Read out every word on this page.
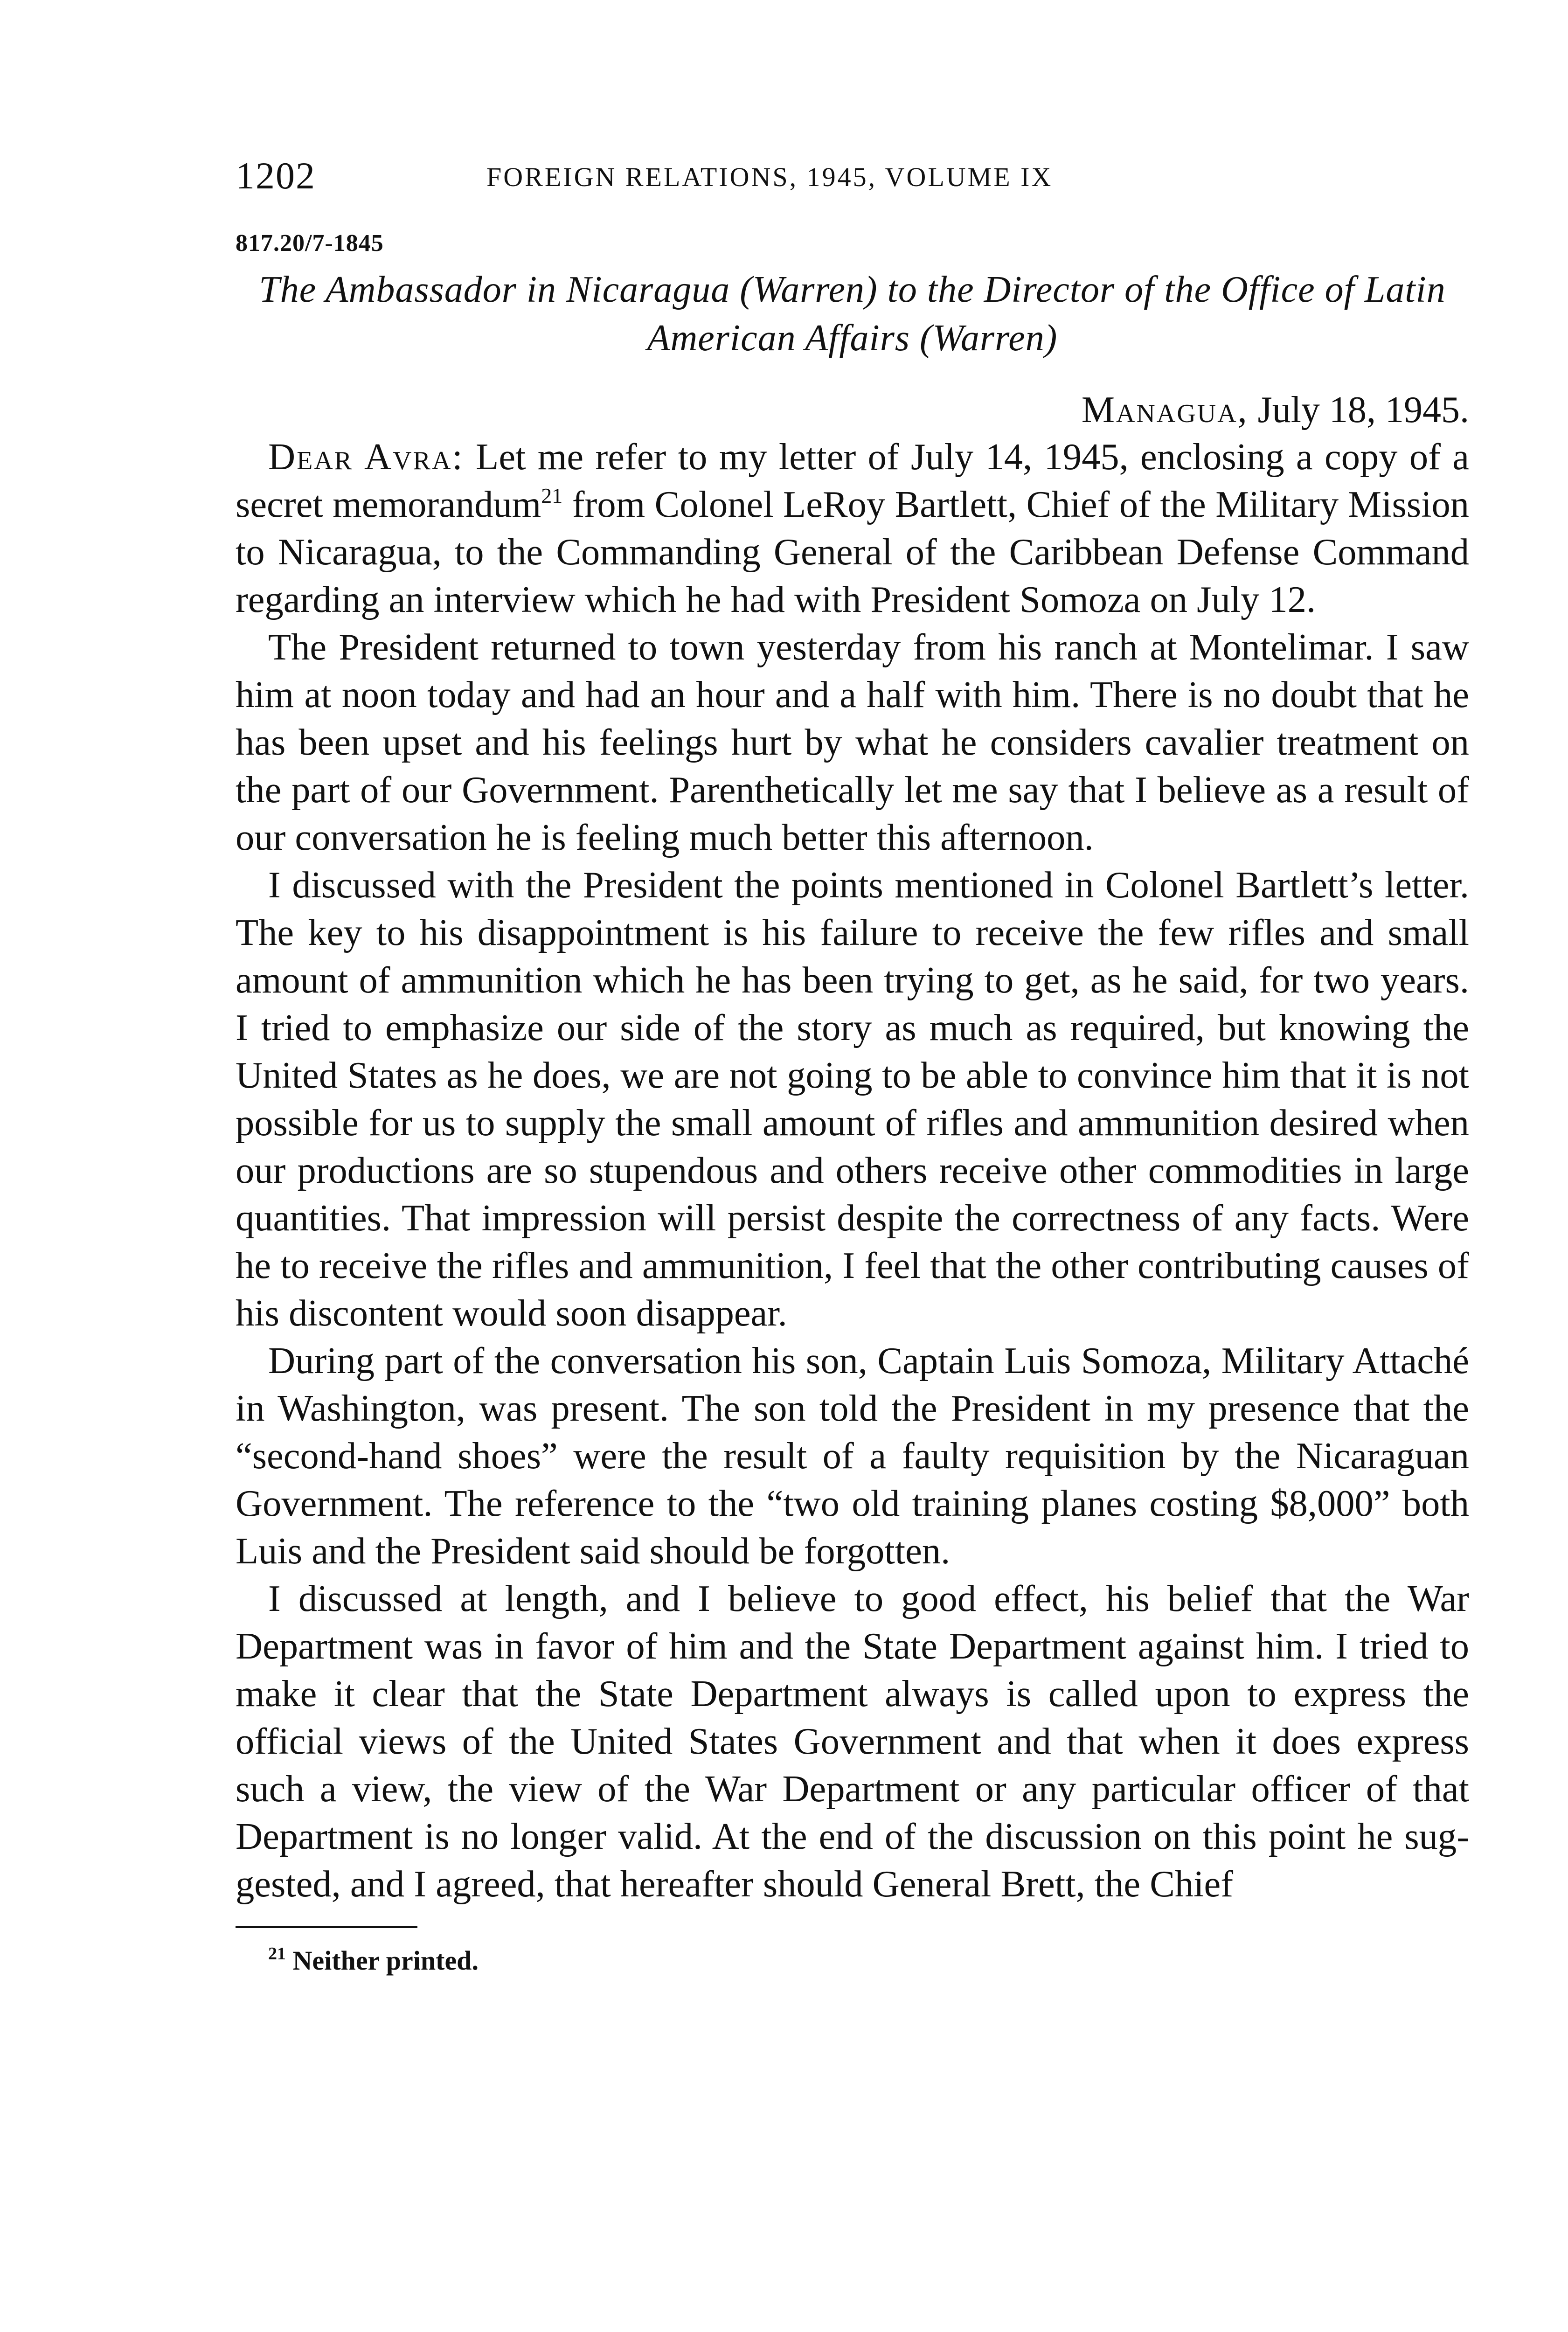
1202	FOREIGN RELATIONS, 1945, VOLUME IX
817.20/7-1845
The Ambassador in Nicaragua (Warren) to the Director of the Office of Latin American Affairs (Warren)
Managua, July 18, 1945.

Dear Avra: Let me refer to my letter of July 14, 1945, enclosing a copy of a secret memorandum$^{21}$ from Colonel LeRoy Bartlett, Chief of the Military Mission to Nicaragua, to the Commanding General of the Caribbean Defense Command regarding an interview which he had with President Somoza on July 12.

The President returned to town yesterday from his ranch at Montelimar. I saw him at noon today and had an hour and a half with him. There is no doubt that he has been upset and his feelings hurt by what he considers cavalier treatment on the part of our Government. Parenthetically let me say that I believe as a result of our conversation he is feeling much better this afternoon.

I discussed with the President the points mentioned in Colonel Bartlett’s letter. The key to his disappointment is his failure to receive the few rifles and small amount of ammunition which he has been trying to get, as he said, for two years. I tried to emphasize our side of the story as much as required, but knowing the United States as he does, we are not going to be able to convince him that it is not possible for us to supply the small amount of rifles and ammunition desired when our productions are so stupendous and others receive other commodities in large quantities. That impression will persist despite the correctness of any facts. Were he to receive the rifles and ammunition, I feel that the other contributing causes of his discontent would soon disappear.

During part of the conversation his son, Captain Luis Somoza, Military Attaché in Washington, was present. The son told the President in my presence that the “second-hand shoes” were the result of a faulty requisition by the Nicaraguan Government. The reference to the “two old training planes costing $8,000” both Luis and the President said should be forgotten.

I discussed at length, and I believe to good effect, his belief that the War Department was in favor of him and the State Department against him. I tried to make it clear that the State Department always is called upon to express the official views of the United States Government and that when it does express such a view, the view of the War Department or any particular officer of that Department is no longer valid. At the end of the discussion on this point he suggested, and I agreed, that hereafter should General Brett, the Chief

$^{21}$ Neither printed.
